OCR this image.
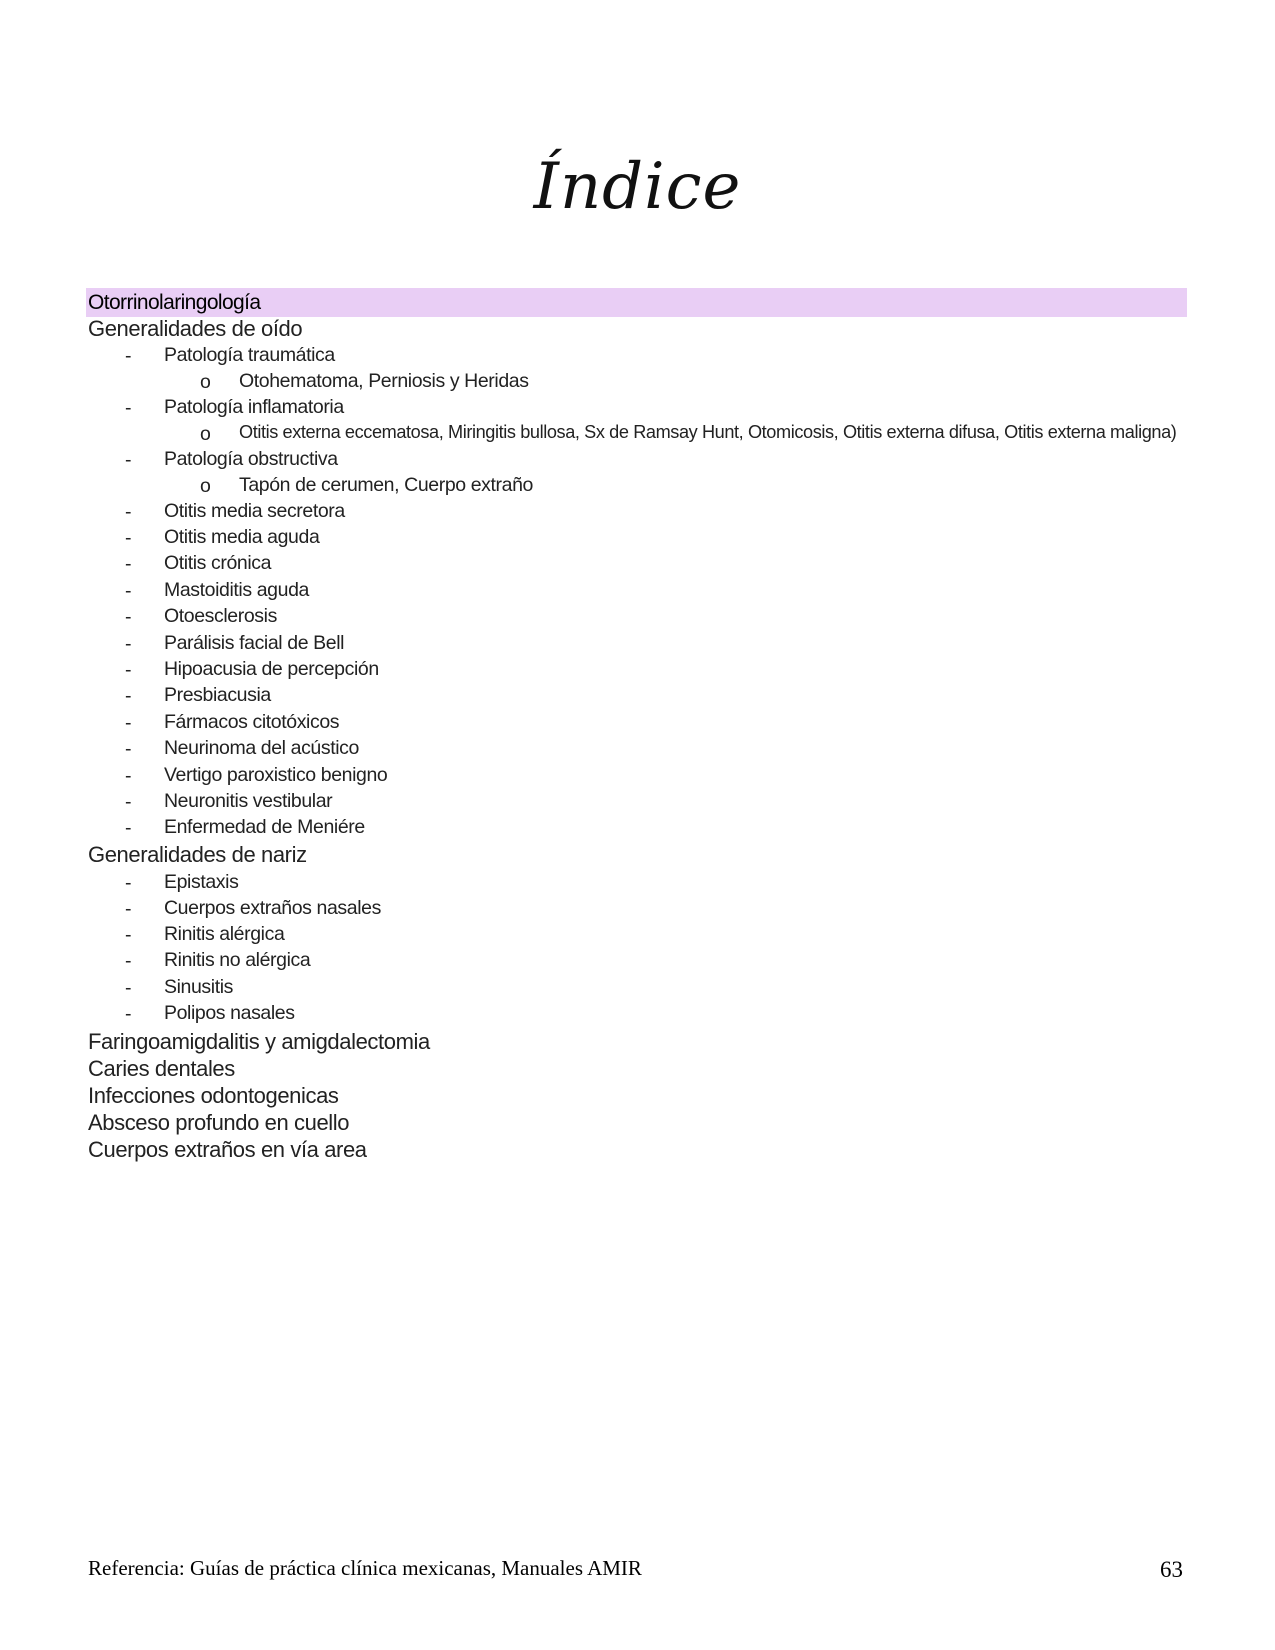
Índice
Otorrinolaringología
Generalidades de oído
- Patología traumática
o Otohematoma, Perniosis y Heridas
- Patología inflamatoria
o Otitis externa eccematosa, Miringitis bullosa, Sx de Ramsay Hunt, Otomicosis, Otitis externa difusa, Otitis externa maligna)
- Patología obstructiva
o Tapón de cerumen, Cuerpo extraño
- Otitis media secretora
- Otitis media aguda
- Otitis crónica
- Mastoiditis aguda
- Otoesclerosis
- Parálisis facial de Bell
- Hipoacusia de percepción
- Presbiacusia
- Fármacos citotóxicos
- Neurinoma del acústico
- Vertigo paroxistico benigno
- Neuronitis vestibular
- Enfermedad de Meniére
Generalidades de nariz
- Epistaxis
- Cuerpos extraños nasales
- Rinitis alérgica
- Rinitis no alérgica
- Sinusitis
- Polipos nasales
Faringoamigdalitis y amigdalectomia
Caries dentales
Infecciones odontogenicas
Absceso profundo en cuello
Cuerpos extraños en vía area
Referencia: Guías de práctica clínica mexicanas, Manuales AMIR	63
